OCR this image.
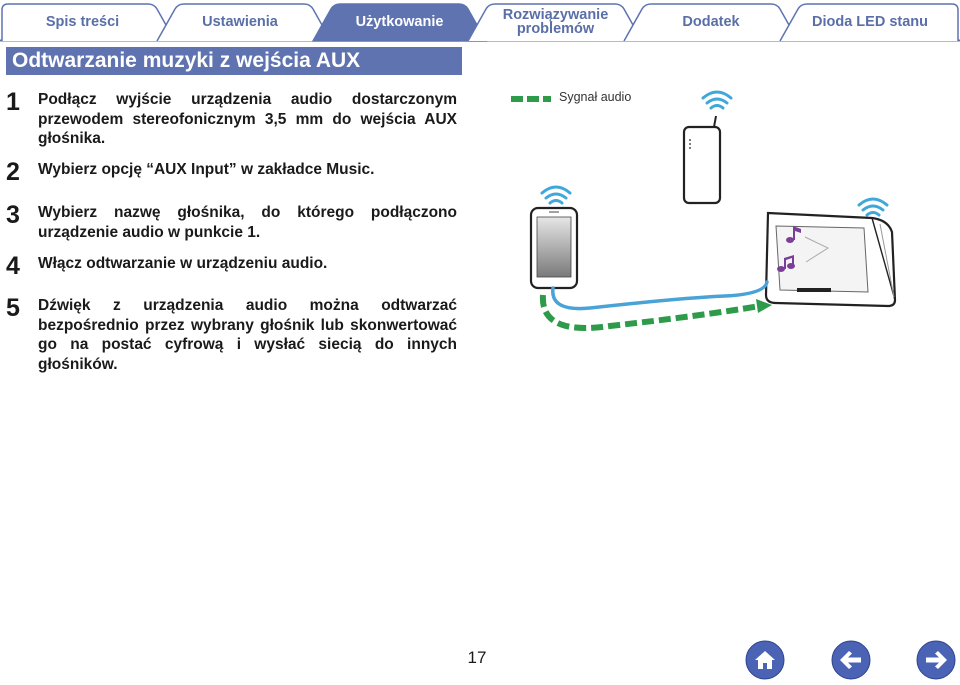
Spis treści	Ustawienia	Użytkowanie	Rozwiązywanie
problemów	Dodatek	Dioda LED stanu
Odtwarzanie muzyki z wejścia AUX
1 Podłącz wyjście urządzenia audio dostarczonym przewodem stereofonicznym 3,5 mm do wejścia AUX głośnika.
2 Wybierz opcję “AUX Input” w zakładce Music.
3 Wybierz nazwę głośnika, do którego podłączono urządzenie audio w punkcie 1.
4 Włącz odtwarzanie w urządzeniu audio.
5 Dźwięk z urządzenia audio można odtwarzać bezpośrednio przez wybrany głośnik lub skonwertować go na postać cyfrową i wysłać siecią do innych głośników.
Sygnał audio
17
